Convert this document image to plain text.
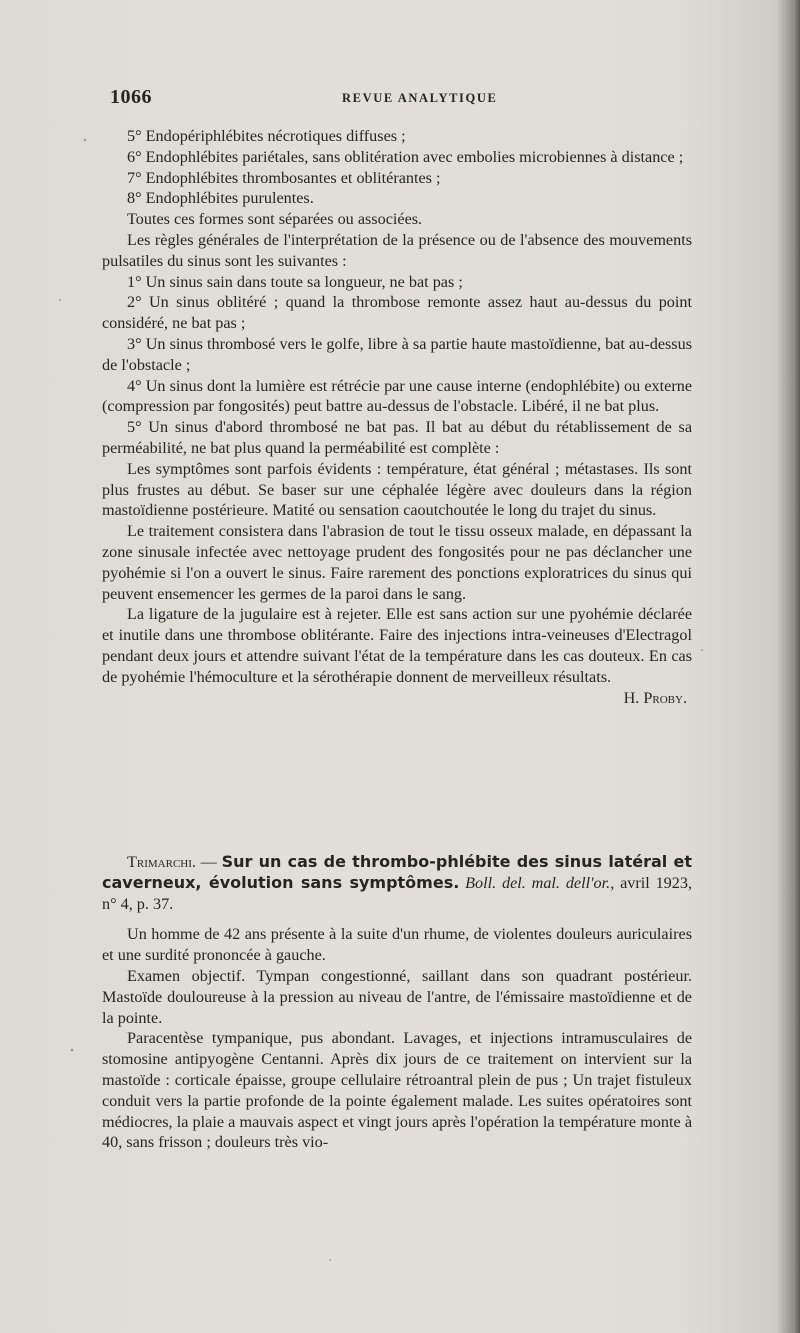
1066	REVUE ANALYTIQUE

5° Endopériphlébites nécrotiques diffuses ;

6° Endophlébites pariétales, sans oblitération avec embolies microbiennes à distance ;

7° Endophlébites thrombosantes et oblitérantes ;

8° Endophlébites purulentes.

Toutes ces formes sont séparées ou associées.

Les règles générales de l'interprétation de la présence ou de l'absence des mouvements pulsatiles du sinus sont les suivantes :

1° Un sinus sain dans toute sa longueur, ne bat pas ;

2° Un sinus oblitéré ; quand la thrombose remonte assez haut au-dessus du point considéré, ne bat pas ;

3° Un sinus thrombosé vers le golfe, libre à sa partie haute mastoïdienne, bat au-dessus de l'obstacle ;

4° Un sinus dont la lumière est rétrécie par une cause interne (endophlébite) ou externe (compression par fongosités) peut battre au-dessus de l'obstacle. Libéré, il ne bat plus.

5° Un sinus d'abord thrombosé ne bat pas. Il bat au début du rétablissement de sa perméabilité, ne bat plus quand la perméabilité est complète :

Les symptômes sont parfois évidents : température, état général ; métastases. Ils sont plus frustes au début. Se baser sur une céphalée légère avec douleurs dans la région mastoïdienne postérieure. Matité ou sensation caoutchoutée le long du trajet du sinus.

Le traitement consistera dans l'abrasion de tout le tissu osseux malade, en dépassant la zone sinusale infectée avec nettoyage prudent des fongosités pour ne pas déclancher une pyohémie si l'on a ouvert le sinus. Faire rarement des ponctions exploratrices du sinus qui peuvent ensemencer les germes de la paroi dans le sang.

La ligature de la jugulaire est à rejeter. Elle est sans action sur une pyohémie déclarée et inutile dans une thrombose oblitérante. Faire des injections intra-veineuses d'Electragol pendant deux jours et attendre suivant l'état de la température dans les cas douteux. En cas de pyohémie l'hémoculture et la sérothérapie donnent de merveilleux résultats.

H. Proby.

Trimarchi. — Sur un cas de thrombo-phlébite des sinus latéral et caverneux, évolution sans symptômes. Boll. del. mal. dell'or., avril 1923, n° 4, p. 37.

Un homme de 42 ans présente à la suite d'un rhume, de violentes douleurs auriculaires et une surdité prononcée à gauche.

Examen objectif. Tympan congestionné, saillant dans son quadrant postérieur. Mastoïde douloureuse à la pression au niveau de l'antre, de l'émissaire mastoïdienne et de la pointe.

Paracentèse tympanique, pus abondant. Lavages, et injections intramusculaires de stomosine antipyogène Centanni. Après dix jours de ce traitement on intervient sur la mastoïde : corticale épaisse, groupe cellulaire rétroantral plein de pus ; Un trajet fistuleux conduit vers la partie profonde de la pointe également malade. Les suites opératoires sont médiocres, la plaie a mauvais aspect et vingt jours après l'opération la température monte à 40, sans frisson ; douleurs très vio-
